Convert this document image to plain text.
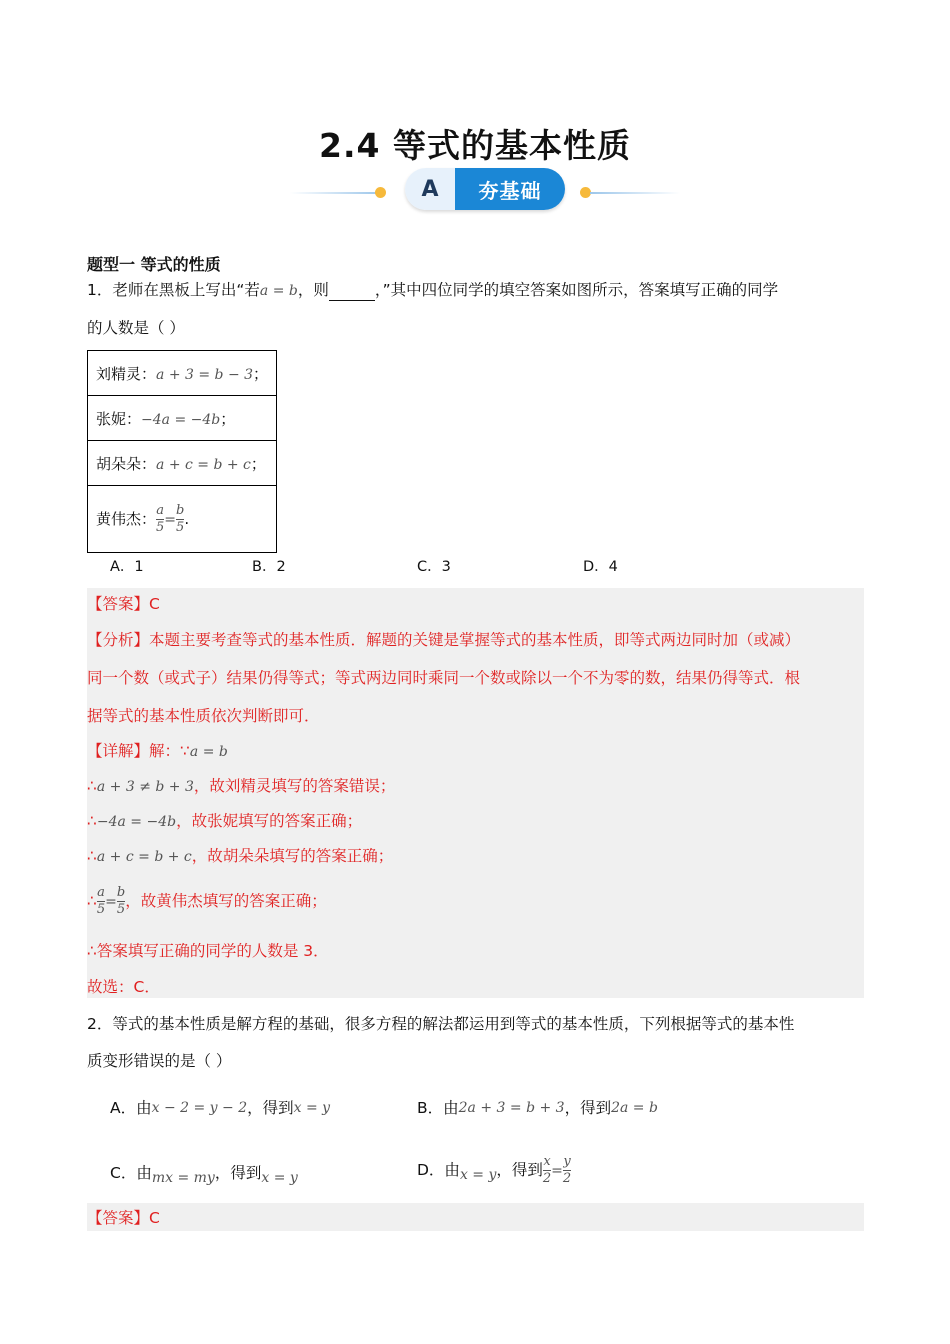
2.4 等式的基本性质
A	夯基础
题型一 等式的性质
1．老师在黑板上写出“若a = b，则	，”其中四位同学的填空答案如图所示，答案填写正确的同学
的人数是（ ）
刘精灵：a + 3 = b − 3；
张妮：−4a = −4b；
胡朵朵：a + c = b + c；
黄伟杰： $\frac{a}{5} = \frac{b}{5}$ .
A．1	B．2	C．3	D．4
【答案】C
【分析】本题主要考查等式的基本性质．解题的关键是掌握等式的基本性质，即等式两边同时加（或减）
同一个数（或式子）结果仍得等式；等式两边同时乘同一个数或除以一个不为零的数，结果仍得等式．根
据等式的基本性质依次判断即可．
【详解】解：∵a = b
∴a + 3 ≠ b + 3，故刘精灵填写的答案错误；
∴−4a = −4b，故张妮填写的答案正确；
∴a + c = b + c，故胡朵朵填写的答案正确；
∴ $\frac{a}{5} = \frac{b}{5}$ ，故黄伟杰填写的答案正确；
∴答案填写正确的同学的人数是 3．
故选：C．
2．等式的基本性质是解方程的基础，很多方程的解法都运用到等式的基本性质，下列根据等式的基本性
质变形错误的是（ ）
A．由x − 2 = y − 2，得到x = y	B．由2a + 3 = b + 3，得到2a = b
C．由mx = my，得到x = y	D．由x = y，得到 $\frac{x}{2} = \frac{y}{2}$
【答案】C
